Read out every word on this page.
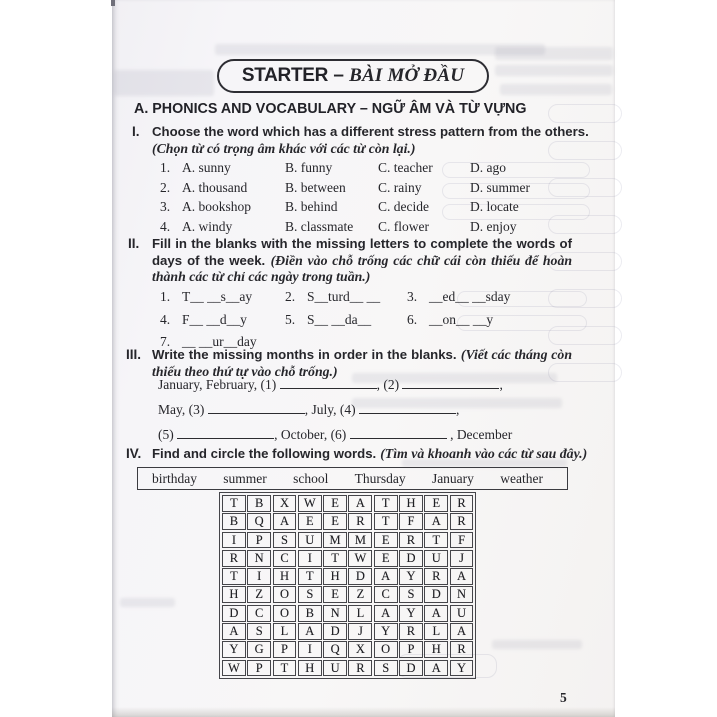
STARTER – BÀI MỞ ĐẦU
A. PHONICS AND VOCABULARY – NGỮ ÂM VÀ TỪ VỰNG
I. Choose the word which has a different stress pattern from the others.
(Chọn từ có trọng âm khác với các từ còn lại.)
1. A. sunny	B. funny	C. teacher	D. ago
2. A. thousand	B. between C. rainy	D. summer
3. A. bookshop	B. behind	C. decide	D. locate
4. A. windy	B. classmate C. flower	D. enjoy
II. Fill in the blanks with the missing letters to complete the words of days of the week. (Điền vào chỗ trống các chữ cái còn thiếu để hoàn thành các từ chỉ các ngày trong tuần.)
1. T__ __s__ay 2. S__turd__ __ 3. __ed__ __sday
4. F__ __d__y	5. S__ __da__	6. __on__ __y
7. __ __ur__day
III. Write the missing months in order in the blanks. (Viết các tháng còn thiếu theo thứ tự vào chỗ trống.)
January, February, (1)	, (2)	,
May, (3)	, July, (4)	,
(5)	, October, (6)	, December
IV. Find and circle the following words. (Tìm và khoanh vào các từ sau đây.)
birthday summer school Thursday January weather
T	B	X	W	E	A	T	H	E	R
B	Q	A	E	E	R	T	F	A	R
I	P	S	U	M	M	E	R	T	F
R	N	C	I	T	W	E	D	U	J
T	I	H	T	H	D	A	Y	R	A
H	Z	O	S	E	Z	C	S	D	N
D	C	O	B	N	L	A	Y	A	U
A	S	L	A	D	J	Y	R	L	A
Y	G	P	I	Q	X	O	P	H	R
W	P	T	H	U	R	S	D	A	Y
5
